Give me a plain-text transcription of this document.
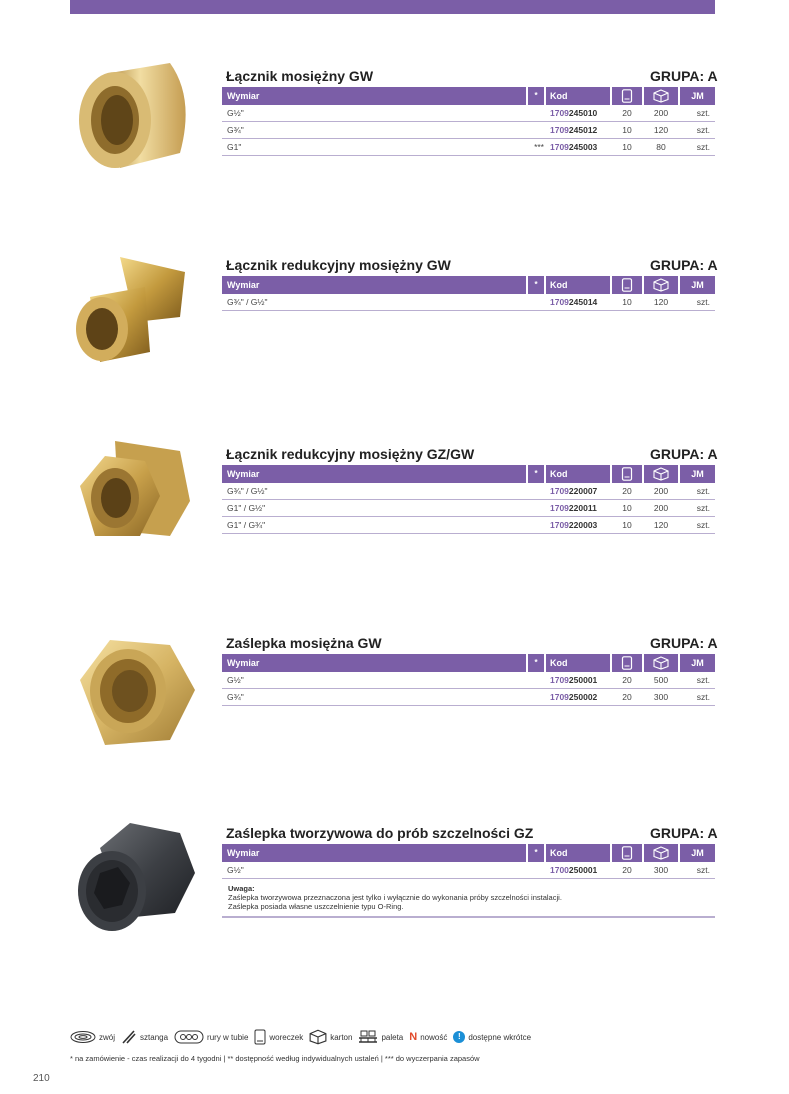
Łącznik mosiężny GW	GRUPA: A
Wymiar	*	Kod	JM
G½"	1709245010	20	200	szt.
G¾"	1709245012	10	120	szt.
G1"	*** 1709245003	10	80	szt.
Łącznik redukcyjny mosiężny GW	GRUPA: A
Wymiar	*	Kod	JM
G¾" / G½"	1709245014	10	120	szt.
Łącznik redukcyjny mosiężny GZ/GW	GRUPA: A
Wymiar	*	Kod	JM
G¾" / G½"	1709220007	20	200	szt.
G1" / G½"	1709220011	10	200	szt.
G1" / G¾"	1709220003	10	120	szt.
Zaślepka mosiężna GW	GRUPA: A
Wymiar	*	Kod	JM
G½"	1709250001	20	500	szt.
G¾"	1709250002	20	300	szt.
Zaślepka tworzywowa do prób szczelności GZ	GRUPA: A
Wymiar	*	Kod	JM
G½"	1700250001	20	300	szt.
Uwaga:
Zaślepka tworzywowa przeznaczona jest tylko i wyłącznie do wykonania próby szczelności instalacji.
Zaślepka posiada własne uszczelnienie typu O-Ring.
zwój	sztanga	rury w tubie	woreczek	karton	paleta N nowość	! dostępne wkrótce
* na zamówienie - czas realizacji do 4 tygodni | ** dostępność według indywidualnych ustaleń | *** do wyczerpania zapasów
210
